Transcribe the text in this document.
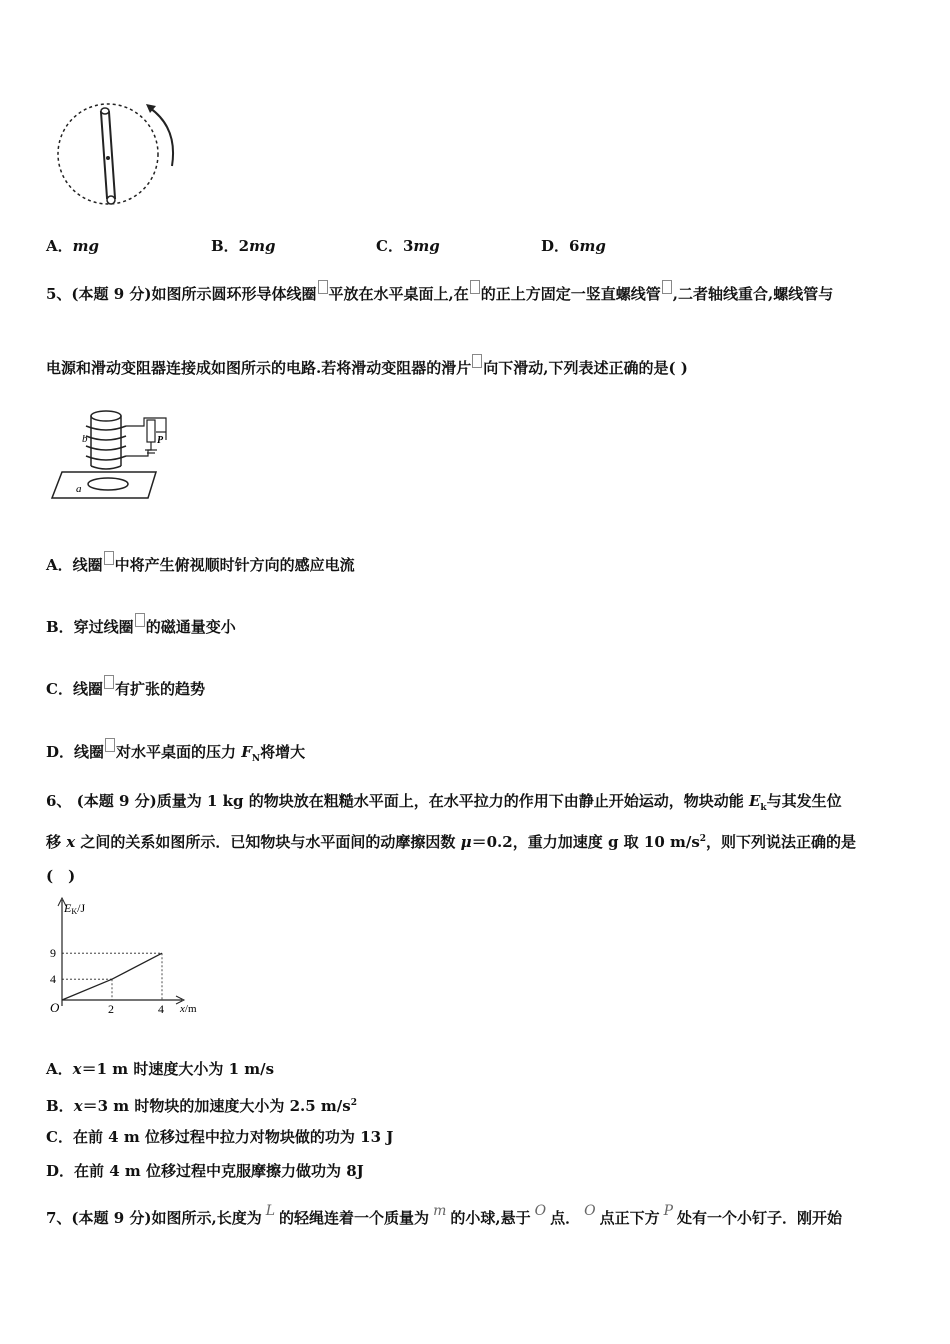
A．mg	B．2mg	C．3mg	D．6mg
5、(本题 9 分)如图所示圆环形导体线圈 平放在水平桌面上,在 的正上方固定一竖直螺线管 ,二者轴线重合,螺线管与
电源和滑动变阻器连接成如图所示的电路.若将滑动变阻器的滑片 向下滑动,下列表述正确的是( )
a
b	P
A．线圈 中将产生俯视顺时针方向的感应电流
B．穿过线圈 的磁通量变小
C．线圈 有扩张的趋势
D．线圈 对水平桌面的压力 $F_N$将增大
6、 (本题 9 分)质量为 1 kg 的物块放在粗糙水平面上，在水平拉力的作用下由静止开始运动，物块动能 $E_k$与其发生位
移 x 之间的关系如图所示．已知物块与水平面间的动摩擦因数 μ＝0.2，重力加速度 g 取 10 $m/s^2$，则下列说法正确的是
(　)
EK/J
x/m
O	2	4
4
9
A．x＝1 m 时速度大小为 1 m/s
B．x＝3 m 时物块的加速度大小为 2.5 $m/s^2$
C．在前 4 m 位移过程中拉力对物块做的功为 13 J
D．在前 4 m 位移过程中克服摩擦力做功为 8J
7、(本题 9 分)如图所示,长度为 L 的轻绳连着一个质量为 m 的小球,悬于 O 点． O 点正下方 P 处有一个小钉子．刚开始
